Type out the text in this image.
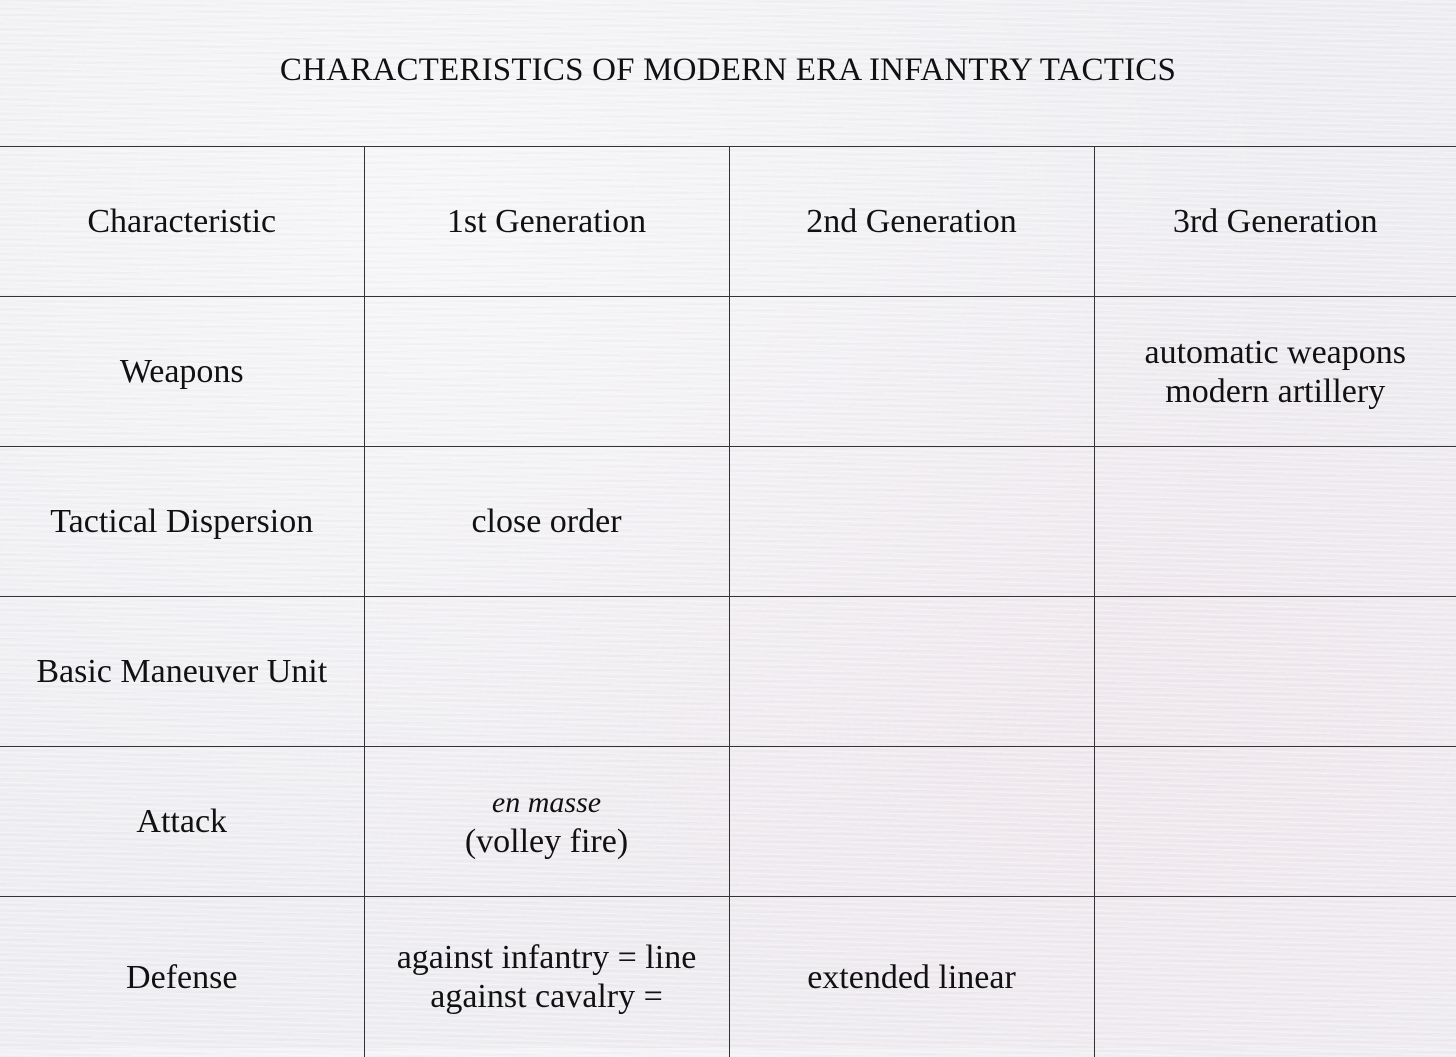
CHARACTERISTICS OF MODERN ERA INFANTRY TACTICS
Characteristic	1st Generation	2nd Generation	3rd Generation
Weapons			automatic weapons
modern artillery

Tactical Dispersion	close order		

Basic Maneuver Unit			
Attack	en masse
(volley fire)		

Defense	against infantry = line
against cavalry =	extended linear	
